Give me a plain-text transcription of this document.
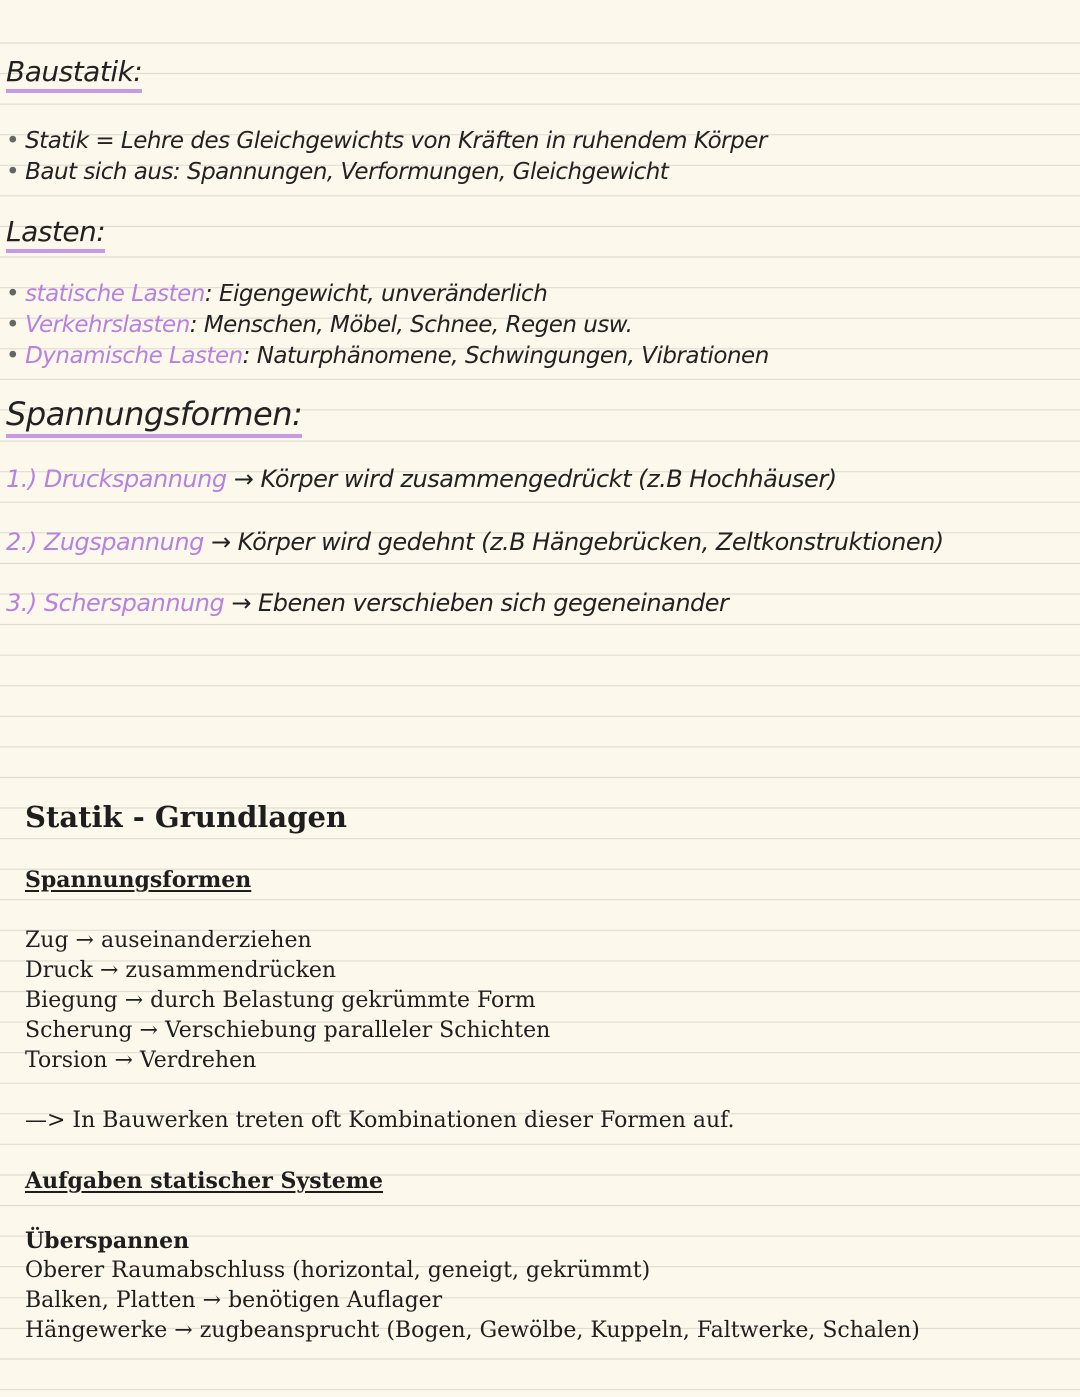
Baustatik:
• Statik = Lehre des Gleichgewichts von Kräften in ruhendem Körper
• Baut sich aus: Spannungen, Verformungen, Gleichgewicht
Lasten:
• statische Lasten: Eigengewicht, unveränderlich
• Verkehrslasten: Menschen, Möbel, Schnee, Regen usw.
• Dynamische Lasten: Naturphänomene, Schwingungen, Vibrationen
Spannungsformen:
1.) Druckspannung → Körper wird zusammengedrückt (z.B Hochhäuser)
2.) Zugspannung → Körper wird gedehnt (z.B Hängebrücken, Zeltkonstruktionen)
3.) Scherspannung → Ebenen verschieben sich gegeneinander
Statik - Grundlagen
Spannungsformen
Zug → auseinanderziehen
Druck → zusammendrücken
Biegung → durch Belastung gekrümmte Form
Scherung → Verschiebung paralleler Schichten
Torsion → Verdrehen
—> In Bauwerken treten oft Kombinationen dieser Formen auf.
Aufgaben statischer Systeme
Überspannen
Oberer Raumabschluss (horizontal, geneigt, gekrümmt)
Balken, Platten → benötigen Auflager
Hängewerke → zugbeansprucht (Bogen, Gewölbe, Kuppeln, Faltwerke, Schalen)
